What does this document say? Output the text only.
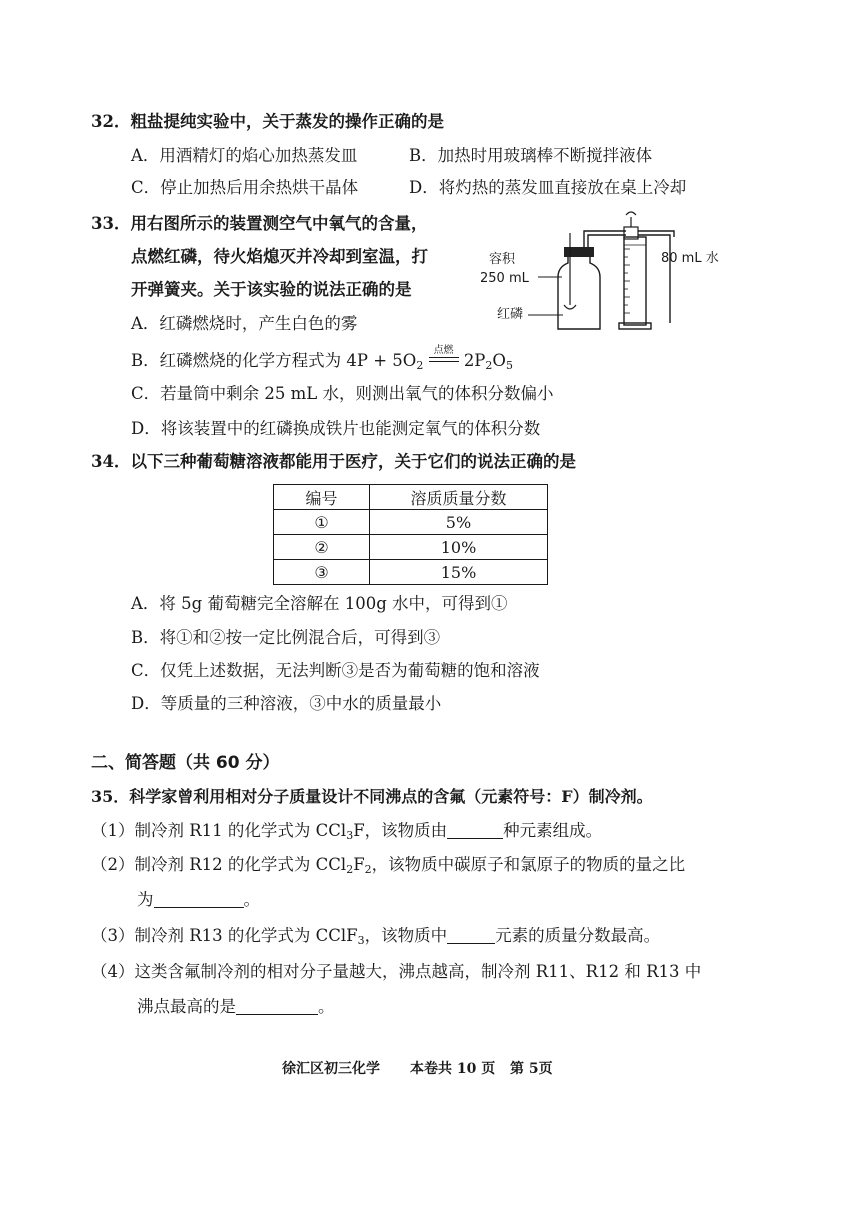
32．粗盐提纯实验中，关于蒸发的操作正确的是
A．用酒精灯的焰心加热蒸发皿	B．加热时用玻璃棒不断搅拌液体
C．停止加热后用余热烘干晶体	D．将灼热的蒸发皿直接放在桌上冷却
33．用右图所示的装置测空气中氧气的含量，
点燃红磷，待火焰熄灭并冷却到室温，打
开弹簧夹。关于该实验的说法正确的是
A．红磷燃烧时，产生白色的雾
B．红磷燃烧的化学方程式为 $4P + 5O_2$
点燃
$2P_2O_5$
C．若量筒中剩余 25 mL 水，则测出氧气的体积分数偏小
D．将该装置中的红磷换成铁片也能测定氧气的体积分数
容积
250 mL
红磷
80 mL 水
34．以下三种葡萄糖溶液都能用于医疗，关于它们的说法正确的是
编号	溶质质量分数
①	5%
②	10%
③	15%
A．将 5g 葡萄糖完全溶解在 100g 水中，可得到①
B．将①和②按一定比例混合后，可得到③
C．仅凭上述数据，无法判断③是否为葡萄糖的饱和溶液
D．等质量的三种溶液，③中水的质量最小
二、简答题（共 60 分）
35．科学家曾利用相对分子质量设计不同沸点的含氟（元素符号：F）制冷剂。
（1）制冷剂 R11 的化学式为 CCl$_3$F，该物质由	种元素组成。
（2）制冷剂 R12 的化学式为 $CCl_2F_2$，该物质中碳原子和氯原子的物质的量之比
为	。
（3）制冷剂 R13 的化学式为 CClF$_3$，该物质中	元素的质量分数最高。
（4）这类含氟制冷剂的相对分子量越大，沸点越高，制冷剂 R11、R12 和 R13 中
沸点最高的是	。
徐汇区初三化学 本卷共 10 页 第 5页
